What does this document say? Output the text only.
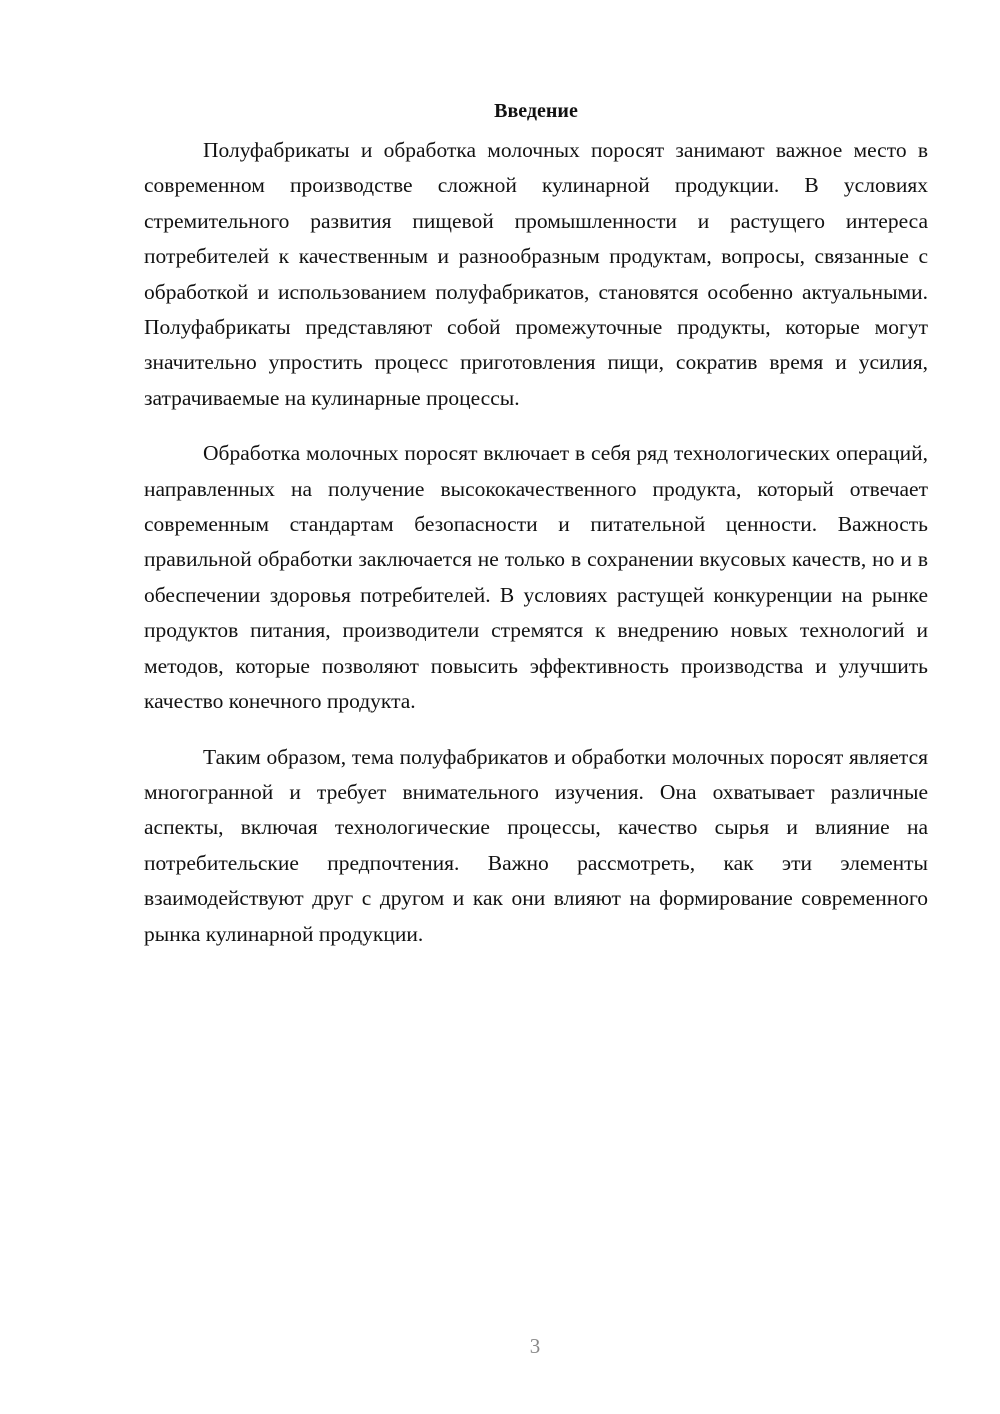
Введение

Полуфабрикаты и обработка молочных поросят занимают важное место в современном производстве сложной кулинарной продукции. В условиях стремительного развития пищевой промышленности и растущего интереса потребителей к качественным и разнообразным продуктам, вопросы, связанные с обработкой и использованием полуфабрикатов, становятся особенно актуальными. Полуфабрикаты представляют собой промежуточные продукты, которые могут значительно упростить процесс приготовления пищи, сократив время и усилия, затрачиваемые на кулинарные процессы.

Обработка молочных поросят включает в себя ряд технологических операций, направленных на получение высококачественного продукта, который отвечает современным стандартам безопасности и питательной ценности. Важность правильной обработки заключается не только в сохранении вкусовых качеств, но и в обеспечении здоровья потребителей. В условиях растущей конкуренции на рынке продуктов питания, производители стремятся к внедрению новых технологий и методов, которые позволяют повысить эффективность производства и улучшить качество конечного продукта.

Таким образом, тема полуфабрикатов и обработки молочных поросят является многогранной и требует внимательного изучения. Она охватывает различные аспекты, включая технологические процессы, качество сырья и влияние на потребительские предпочтения. Важно рассмотреть, как эти элементы взаимодействуют друг с другом и как они влияют на формирование современного рынка кулинарной продукции.

3
